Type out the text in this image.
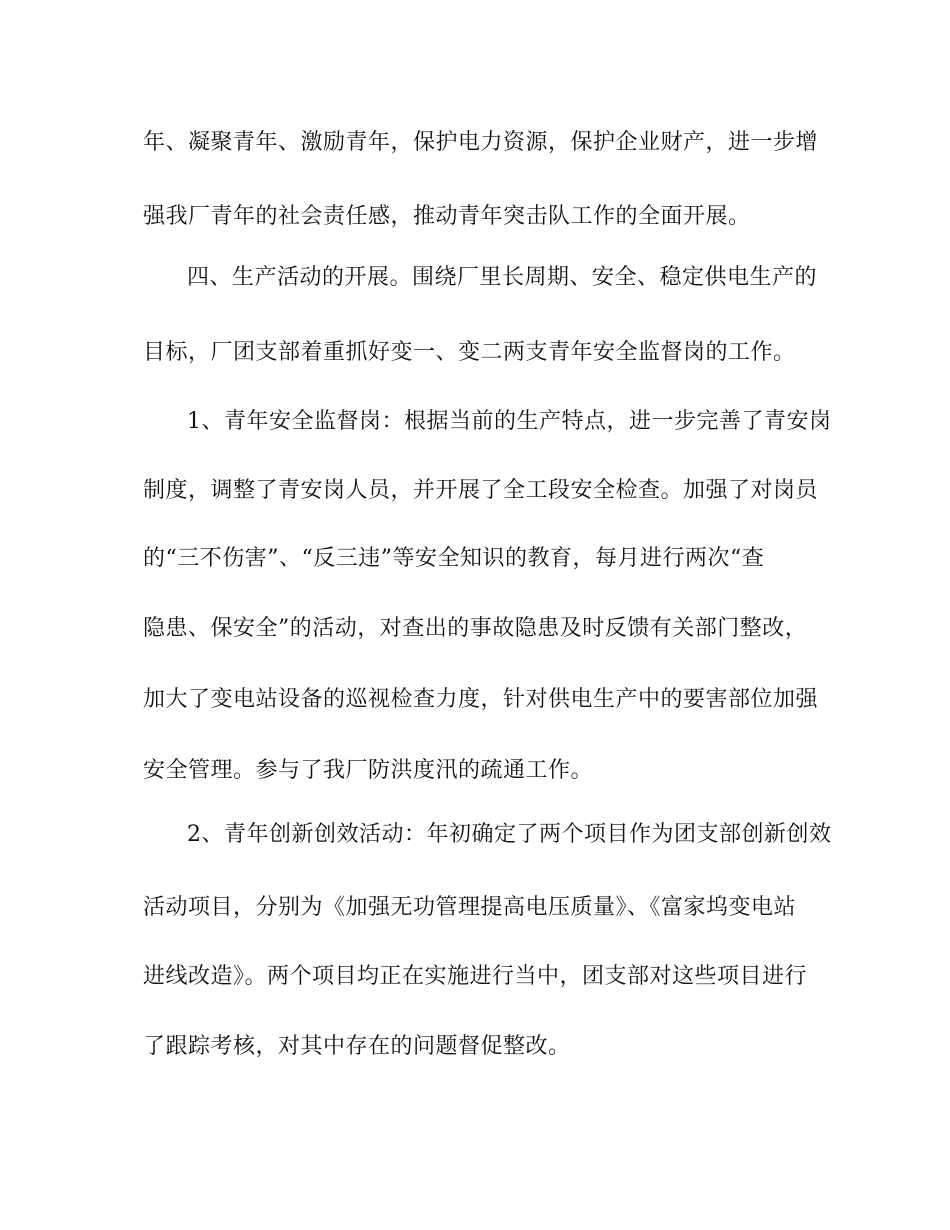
年、凝聚青年、激励青年，保护电力资源，保护企业财产，进一步增
强我厂青年的社会责任感，推动青年突击队工作的全面开展。
四、生产活动的开展。围绕厂里长周期、安全、稳定供电生产的
目标，厂团支部着重抓好变一、变二两支青年安全监督岗的工作。
1、青年安全监督岗：根据当前的生产特点，进一步完善了青安岗
制度，调整了青安岗人员，并开展了全工段安全检查。加强了对岗员
的“三不伤害”、“反三违”等安全知识的教育，每月进行两次“查
隐患、保安全”的活动，对查出的事故隐患及时反馈有关部门整改，
加大了变电站设备的巡视检查力度，针对供电生产中的要害部位加强
安全管理。参与了我厂防洪度汛的疏通工作。
2、青年创新创效活动：年初确定了两个项目作为团支部创新创效
活动项目，分别为《加强无功管理提高电压质量》、《富家坞变电站
进线改造》。两个项目均正在实施进行当中，团支部对这些项目进行
了跟踪考核，对其中存在的问题督促整改。
